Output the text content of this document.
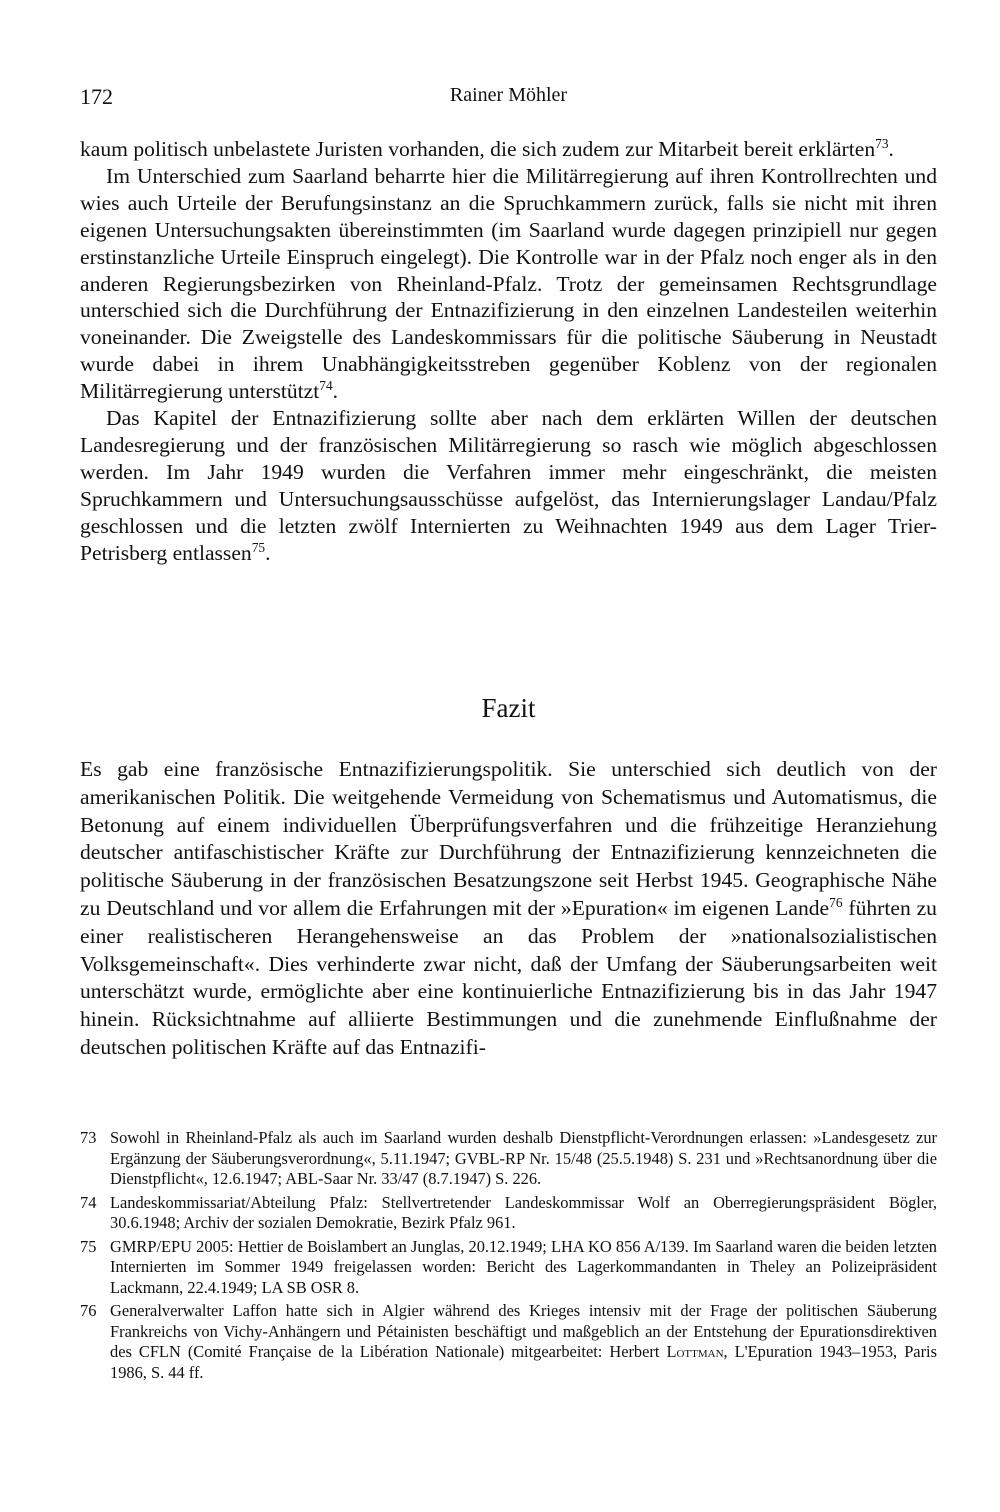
172	Rainer Möhler

kaum politisch unbelastete Juristen vorhanden, die sich zudem zur Mitarbeit bereit erklärten$^{73}$.

Im Unterschied zum Saarland beharrte hier die Militärregierung auf ihren Kontrollrechten und wies auch Urteile der Berufungsinstanz an die Spruchkammern zurück, falls sie nicht mit ihren eigenen Untersuchungsakten übereinstimmten (im Saarland wurde dagegen prinzipiell nur gegen erstinstanzliche Urteile Einspruch eingelegt). Die Kontrolle war in der Pfalz noch enger als in den anderen Regierungsbezirken von Rheinland-Pfalz. Trotz der gemeinsamen Rechtsgrundlage unterschied sich die Durchführung der Entnazifizierung in den einzelnen Landesteilen weiterhin voneinander. Die Zweigstelle des Landeskommissars für die politische Säuberung in Neustadt wurde dabei in ihrem Unabhängigkeitsstreben gegenüber Koblenz von der regionalen Militärregierung unterstützt$^{74}$.

Das Kapitel der Entnazifizierung sollte aber nach dem erklärten Willen der deutschen Landesregierung und der französischen Militärregierung so rasch wie möglich abgeschlossen werden. Im Jahr 1949 wurden die Verfahren immer mehr eingeschränkt, die meisten Spruchkammern und Untersuchungsausschüsse aufgelöst, das Internierungslager Landau/Pfalz geschlossen und die letzten zwölf Internierten zu Weihnachten 1949 aus dem Lager Trier-Petrisberg entlassen$^{75}$.

Fazit

Es gab eine französische Entnazifizierungspolitik. Sie unterschied sich deutlich von der amerikanischen Politik. Die weitgehende Vermeidung von Schematismus und Automatismus, die Betonung auf einem individuellen Überprüfungsverfahren und die frühzeitige Heranziehung deutscher antifaschistischer Kräfte zur Durchführung der Entnazifizierung kennzeichneten die politische Säuberung in der französischen Besatzungszone seit Herbst 1945. Geographische Nähe zu Deutschland und vor allem die Erfahrungen mit der »Epuration« im eigenen Lande$^{76}$ führten zu einer realistischeren Herangehensweise an das Problem der »nationalsozialistischen Volksgemeinschaft«. Dies verhinderte zwar nicht, daß der Umfang der Säuberungsarbeiten weit unterschätzt wurde, ermöglichte aber eine kontinuierliche Entnazifizierung bis in das Jahr 1947 hinein. Rücksichtnahme auf alliierte Bestimmungen und die zunehmende Einflußnahme der deutschen politischen Kräfte auf das Entnazifi-

73 Sowohl in Rheinland-Pfalz als auch im Saarland wurden deshalb Dienstpflicht-Verordnungen erlassen: »Landesgesetz zur Ergänzung der Säuberungsverordnung«, 5.11.1947; GVBL-RP Nr. 15/48 (25.5.1948) S. 231 und »Rechtsanordnung über die Dienstpflicht«, 12.6.1947; ABL-Saar Nr. 33/47 (8.7.1947) S. 226.
74 Landeskommissariat/Abteilung Pfalz: Stellvertretender Landeskommissar Wolf an Oberregierungspräsident Bögler, 30.6.1948; Archiv der sozialen Demokratie, Bezirk Pfalz 961.
75 GMRP/EPU 2005: Hettier de Boislambert an Junglas, 20.12.1949; LHA KO 856 A/139. Im Saarland waren die beiden letzten Internierten im Sommer 1949 freigelassen worden: Bericht des Lagerkommandanten in Theley an Polizeipräsident Lackmann, 22.4.1949; LA SB OSR 8.
76 Generalverwalter Laffon hatte sich in Algier während des Krieges intensiv mit der Frage der politischen Säuberung Frankreichs von Vichy-Anhängern und Pétainisten beschäftigt und maßgeblich an der Entstehung der Epurationsdirektiven des CFLN (Comité Française de la Libération Nationale) mitgearbeitet: Herbert Lottman, L'Epuration 1943–1953, Paris 1986, S. 44 ff.
